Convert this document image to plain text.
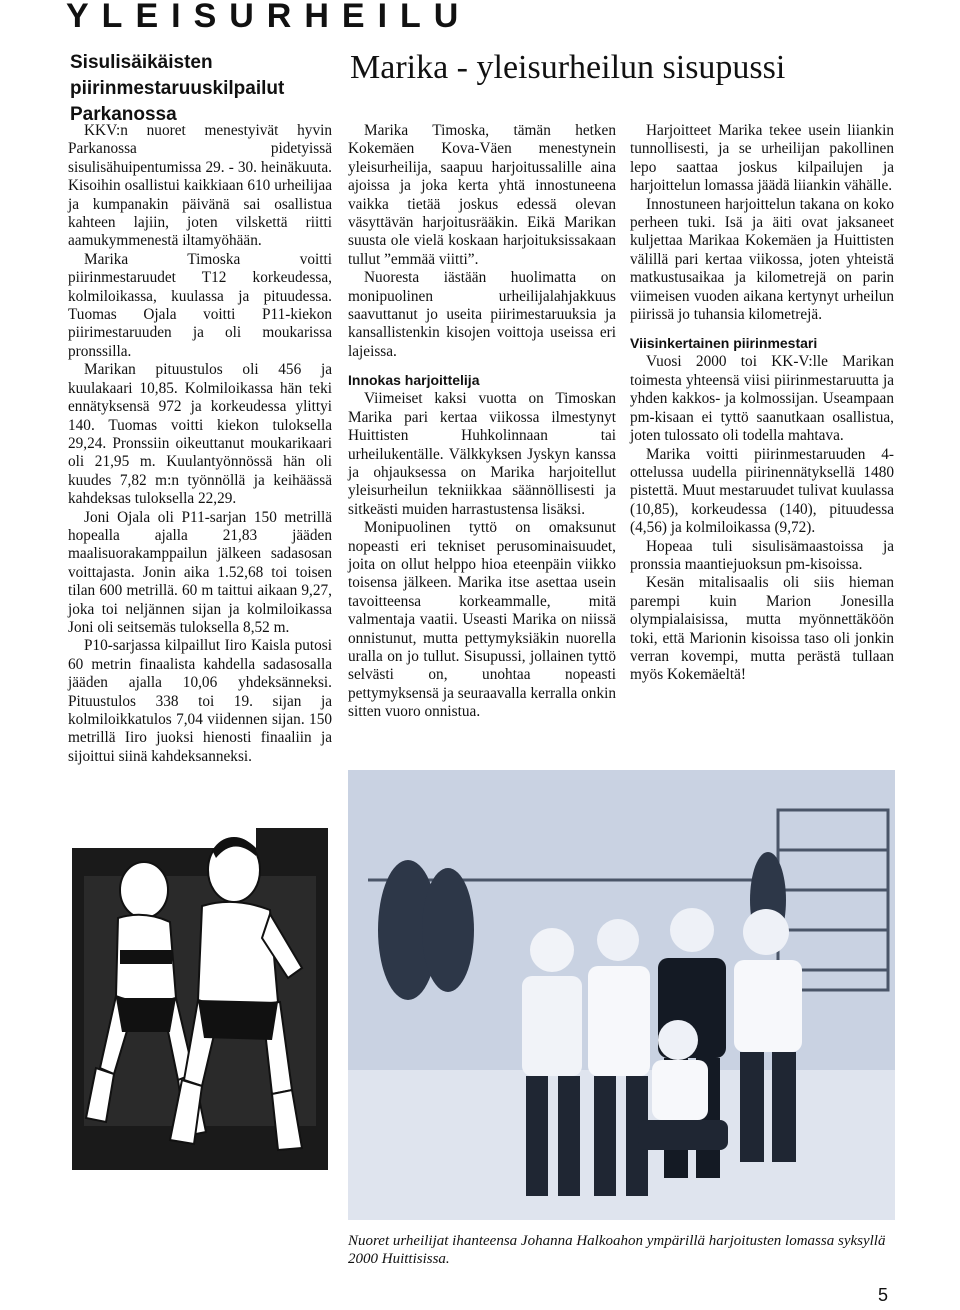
YLEISURHEILU
Sisulisäikäisten piirinmestaruuskilpailut Parkanossa
Marika - yleisurheilun sisupussi

KKV:n nuoret menestyivät hyvin Parkanossa pidetyissä sisulisähuipentumissa 29. - 30. heinäkuuta. Kisoihin osallistui kaikkiaan 610 urheilijaa ja kumpanakin päivänä sai osallistua kahteen lajiin, joten vilskettä riitti aamukymmenestä iltamyöhään.

Marika Timoska voitti piirinmestaruudet T12 korkeudessa, kolmiloikassa, kuulassa ja pituudessa. Tuomas Ojala voitti P11-kiekon piirimestaruuden ja oli moukarissa pronssilla.

Marikan pituustulos oli 456 ja kuulakaari 10,85. Kolmiloikassa hän teki ennätyksensä 972 ja korkeudessa ylittyi 140. Tuomas voitti kiekon tuloksella 29,24. Pronssiin oikeuttanut moukarikaari oli 21,95 m. Kuulantyönnössä hän oli kuudes 7,82 m:n työnnöllä ja keihäässä kahdeksas tuloksella 22,29.

Joni Ojala oli P11-sarjan 150 metrillä hopealla ajalla 21,83 jääden maalisuorakamppailun jälkeen sadasosan voittajasta. Jonin aika 1.52,68 toi toisen tilan 600 metrillä. 60 m taittui aikaan 9,27, joka toi neljännen sijan ja kolmiloikassa Joni oli seitsemäs tuloksella 8,52 m.

P10-sarjassa kilpaillut Iiro Kaisla putosi 60 metrin finaalista kahdella sadasosalla jääden ajalla 10,06 yhdeksänneksi. Pituustulos 338 toi 19. sijan ja kolmiloikkatulos 7,04 viidennen sijan. 150 metrillä Iiro juoksi hienosti finaaliin ja sijoittui siinä kahdeksanneksi.

Marika Timoska, tämän hetken Kokemäen Kova-Väen menestynein yleisurheilija, saapuu harjoitussalille aina ajoissa ja joka kerta yhtä innostuneena vaikka tietää joskus edessä olevan väsyttävän harjoitusrääkin. Eikä Marikan suusta ole vielä koskaan harjoituksissakaan tullut ”emmää viitti”.

Nuoresta iästään huolimatta on monipuolinen urheilijalahjakkuus saavuttanut jo useita piirimestaruuksia ja kansallistenkin kisojen voittoja useissa eri lajeissa.

Innokas harjoittelija

Viimeiset kaksi vuotta on Timoskan Marika pari kertaa viikossa ilmestynyt Huittisten Huhkolinnaan tai urheilukentälle. Välkkyksen Jyskyn kanssa ja ohjauksessa on Marika harjoitellut yleisurheilun tekniikkaa säännöllisesti ja sitkeästi muiden harrastustensa lisäksi.

Monipuolinen tyttö on omaksunut nopeasti eri tekniset perusominaisuudet, joita on ollut helppo hioa eteenpäin viikko toisensa jälkeen. Marika itse asettaa usein tavoitteensa korkeammalle, mitä valmentaja vaatii. Useasti Marika on niissä onnistunut, mutta pettymyksiäkin nuorella uralla on jo tullut. Sisupussi, jollainen tyttö selvästi on, unohtaa nopeasti pettymyksensä ja seuraavalla kerralla onkin sitten vuoro onnistua.

Harjoitteet Marika tekee usein liiankin tunnollisesti, ja se urheilijan pakollinen lepo saattaa joskus kilpailujen ja harjoittelun lomassa jäädä liiankin vähälle.

Innostuneen harjoittelun takana on koko perheen tuki. Isä ja äiti ovat jaksaneet kuljettaa Marikaa Kokemäen ja Huittisten välillä pari kertaa viikossa, joten yhteistä matkustusaikaa ja kilometrejä on parin viimeisen vuoden aikana kertynyt urheilun piirissä jo tuhansia kilometrejä.

Viisinkertainen piirinmestari

Vuosi 2000 toi KK-V:lle Marikan toimesta yhteensä viisi piirinmestaruutta ja yhden kakkos- ja kolmossijan. Useampaan pm-kisaan ei tyttö saanutkaan osallistua, joten tulossato oli todella mahtava.

Marika voitti piirinmestaruuden 4-ottelussa uudella piirinennätyksellä 1480 pistettä. Muut mestaruudet tulivat kuulassa (10,85), korkeudessa (140), pituudessa (4,56) ja kolmiloikassa (9,72).

Hopeaa tuli sisulisämaastoissa ja pronssia maantiejuoksun pm-kisoissa.

Kesän mitalisaalis oli siis hieman parempi kuin Marion Jonesilla olympialaisissa, mutta myönnettäköön toki, että Marionin kisoissa taso oli jonkin verran kovempi, mutta perästä tullaan myös Kokemäeltä!

Nuoret urheilijat ihanteensa Johanna Halkoahon ympärillä harjoitusten lomassa syksyllä 2000 Huittisissa.
5
